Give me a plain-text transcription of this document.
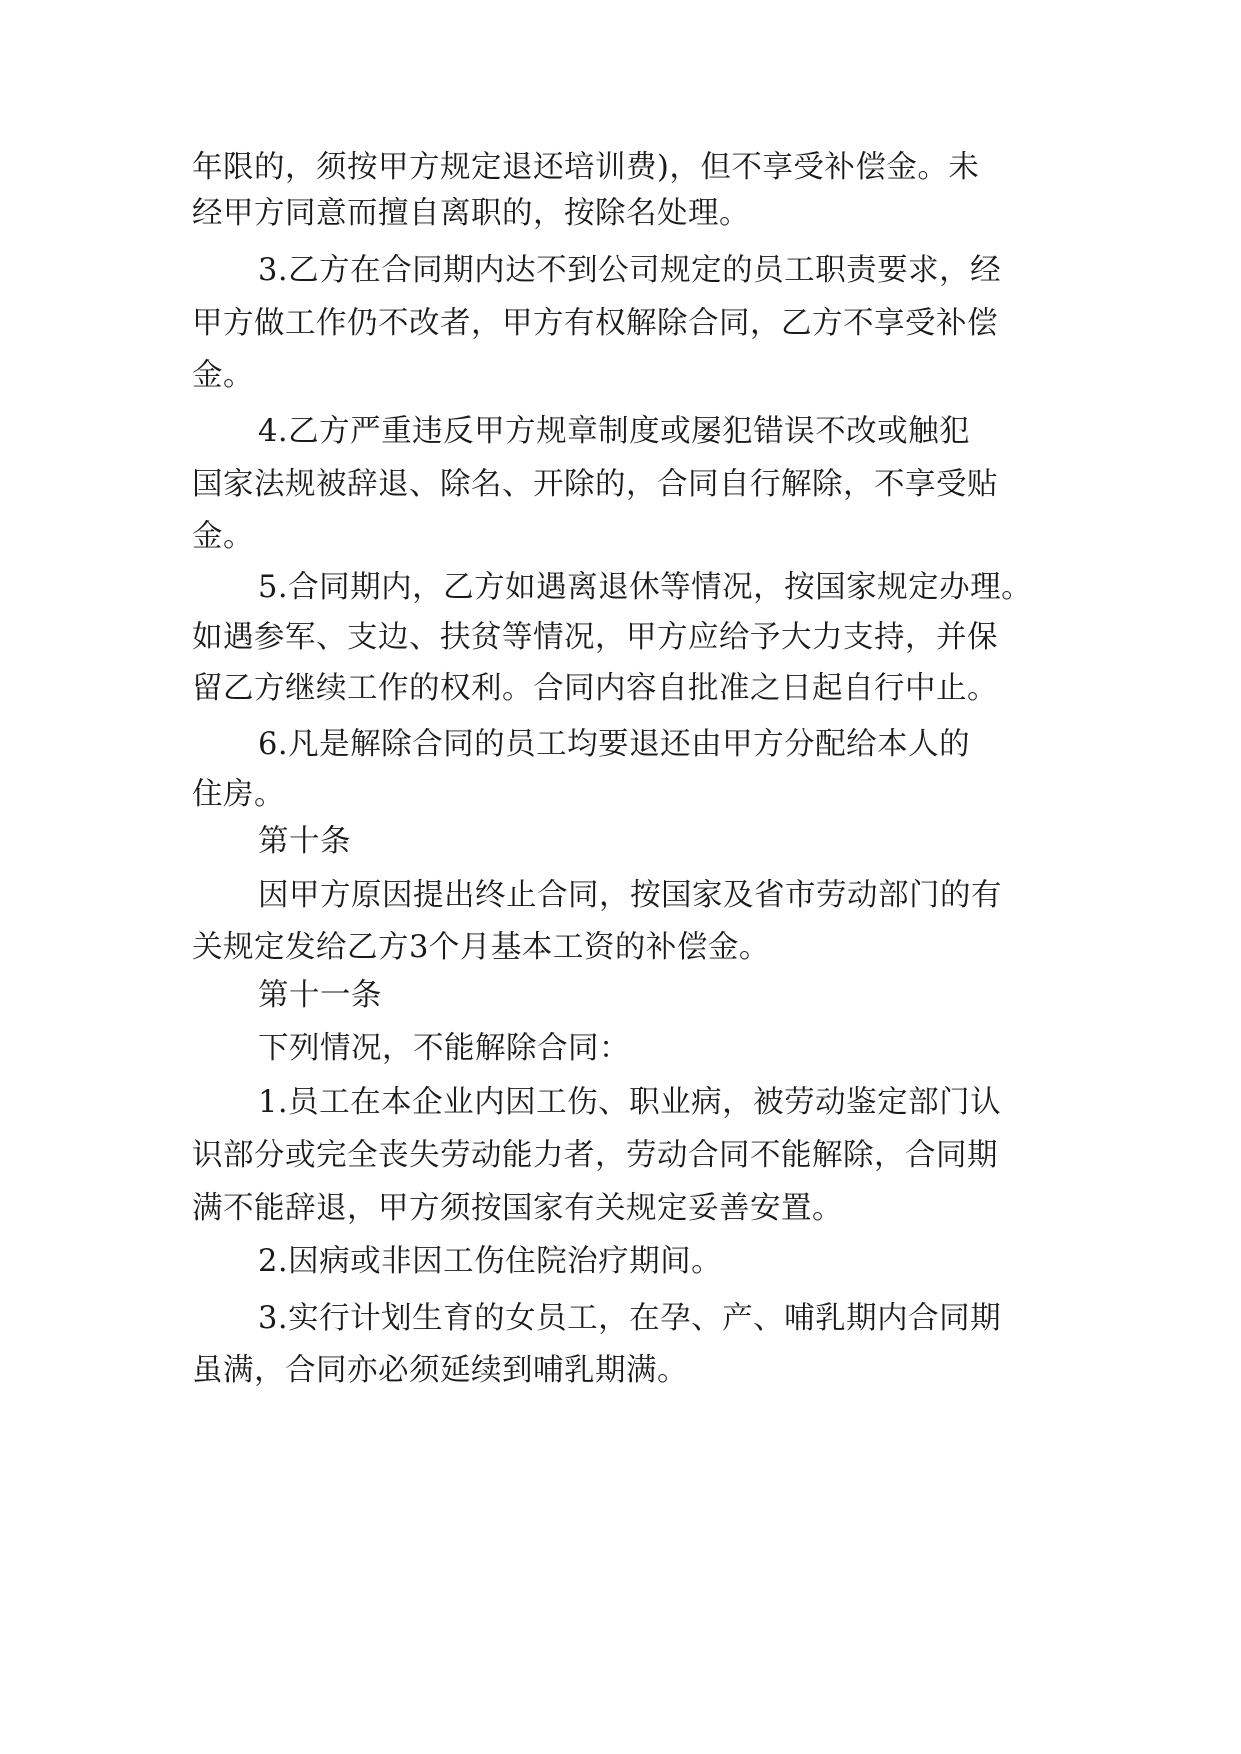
年限的，须按甲方规定退还培训费)，但不享受补偿金。未
经甲方同意而擅自离职的，按除名处理。
3.乙方在合同期内达不到公司规定的员工职责要求，经
甲方做工作仍不改者，甲方有权解除合同，乙方不享受补偿
金。
4.乙方严重违反甲方规章制度或屡犯错误不改或触犯
国家法规被辞退、除名、开除的，合同自行解除，不享受贴
金。
5.合同期内，乙方如遇离退休等情况，按国家规定办理。
如遇参军、支边、扶贫等情况，甲方应给予大力支持，并保
留乙方继续工作的权利。合同内容自批准之日起自行中止。
6.凡是解除合同的员工均要退还由甲方分配给本人的
住房。
第十条
因甲方原因提出终止合同，按国家及省市劳动部门的有
关规定发给乙方3个月基本工资的补偿金。
第十一条
下列情况，不能解除合同：
1.员工在本企业内因工伤、职业病，被劳动鉴定部门认
识部分或完全丧失劳动能力者，劳动合同不能解除，合同期
满不能辞退，甲方须按国家有关规定妥善安置。
2.因病或非因工伤住院治疗期间。
3.实行计划生育的女员工，在孕、产、哺乳期内合同期
虽满，合同亦必须延续到哺乳期满。
